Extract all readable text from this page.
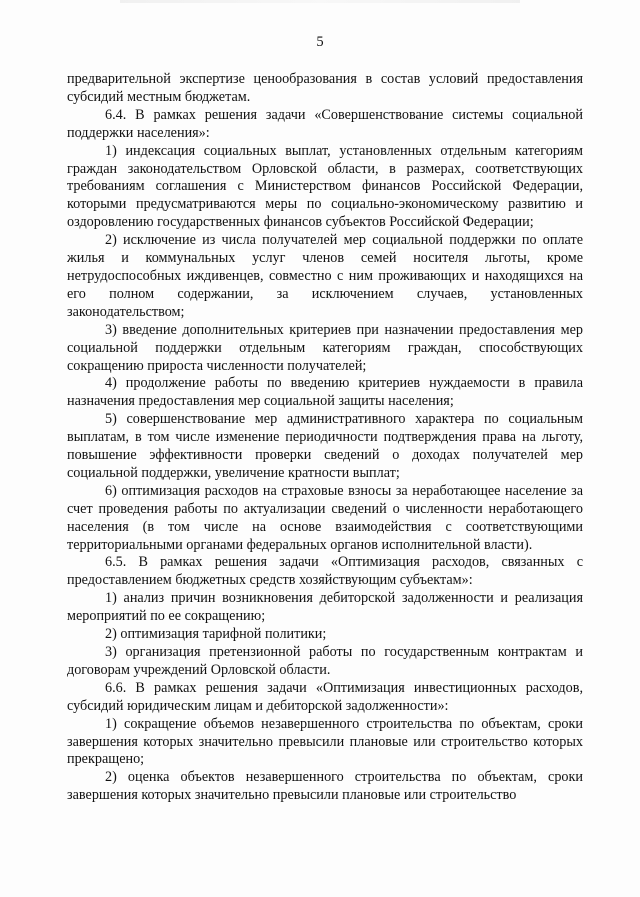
5

предварительной экспертизе ценообразования в состав условий предоставления субсидий местным бюджетам.

6.4. В рамках решения задачи «Совершенствование системы социальной поддержки населения»:

1) индексация социальных выплат, установленных отдельным категориям граждан законодательством Орловской области, в размерах, соответствующих требованиям соглашения с Министерством финансов Российской Федерации, которыми предусматриваются меры по социально-экономическому развитию и оздоровлению государственных финансов субъектов Российской Федерации;

2) исключение из числа получателей мер социальной поддержки по оплате жилья и коммунальных услуг членов семей носителя льготы, кроме нетрудоспособных иждивенцев, совместно с ним проживающих и находящихся на его полном содержании, за исключением случаев, установленных законодательством;

3) введение дополнительных критериев при назначении предоставления мер социальной поддержки отдельным категориям граждан, способствующих сокращению прироста численности получателей;

4) продолжение работы по введению критериев нуждаемости в правила назначения предоставления мер социальной защиты населения;

5) совершенствование мер административного характера по социальным выплатам, в том числе изменение периодичности подтверждения права на льготу, повышение эффективности проверки сведений о доходах получателей мер социальной поддержки, увеличение кратности выплат;

6) оптимизация расходов на страховые взносы за неработающее население за счет проведения работы по актуализации сведений о численности неработающего населения (в том числе на основе взаимодействия с соответствующими территориальными органами федеральных органов исполнительной власти).

6.5. В рамках решения задачи «Оптимизация расходов, связанных с предоставлением бюджетных средств хозяйствующим субъектам»:

1) анализ причин возникновения дебиторской задолженности и реализация мероприятий по ее сокращению;

2) оптимизация тарифной политики;

3) организация претензионной работы по государственным контрактам и договорам учреждений Орловской области.

6.6. В рамках решения задачи «Оптимизация инвестиционных расходов, субсидий юридическим лицам и дебиторской задолженности»:

1) сокращение объемов незавершенного строительства по объектам, сроки завершения которых значительно превысили плановые или строительство которых прекращено;

2) оценка объектов незавершенного строительства по объектам, сроки завершения которых значительно превысили плановые или строительство
